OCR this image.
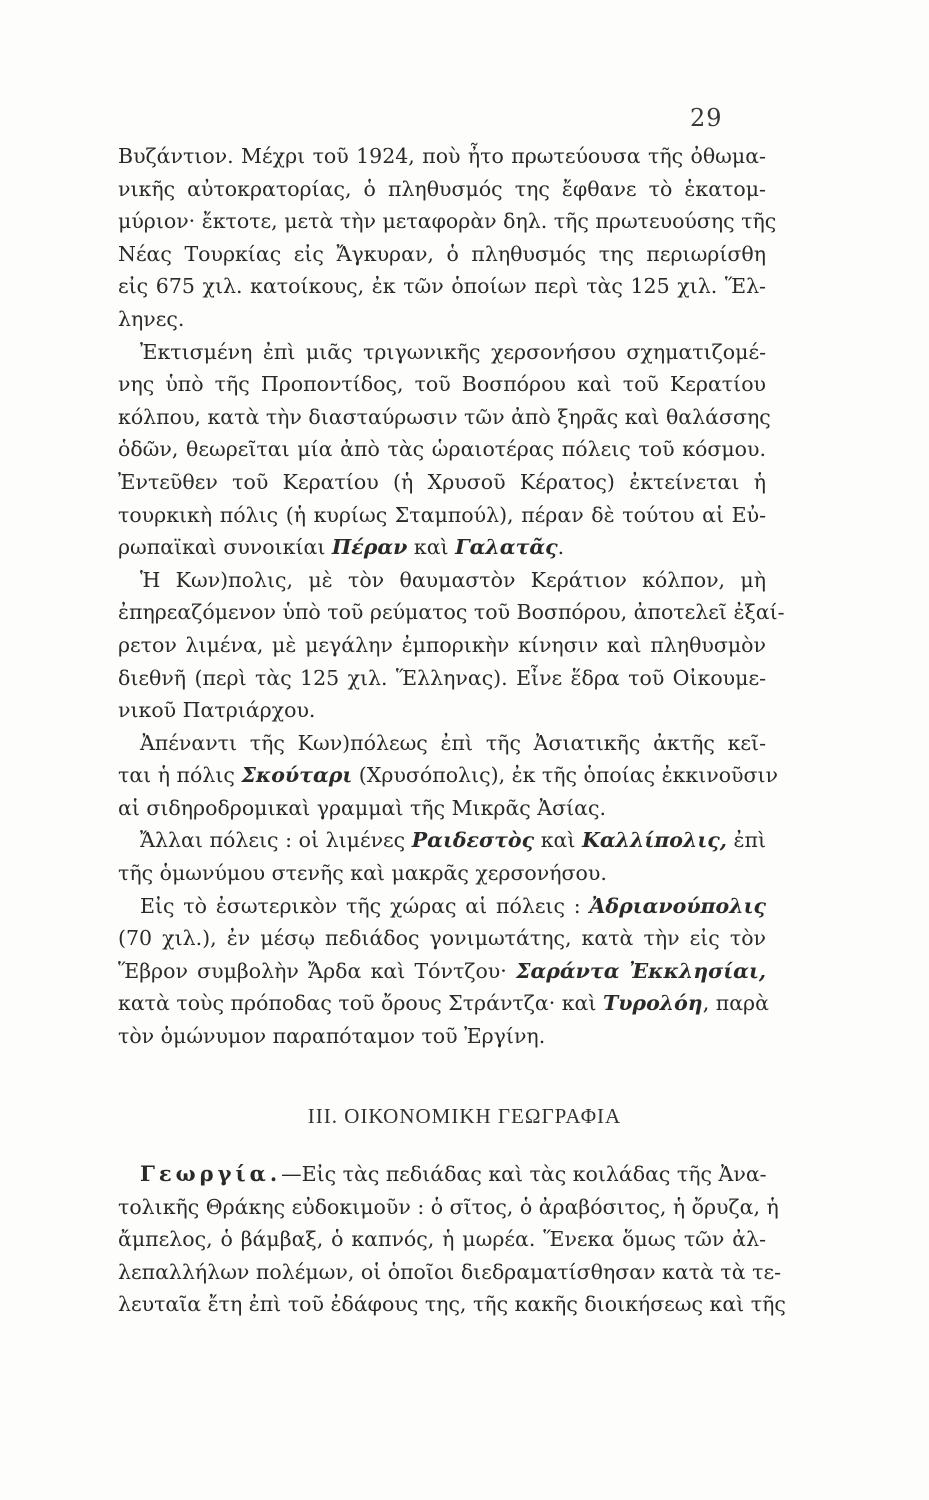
29
Βυζάντιον. Μέχρι τοῦ 1924, ποὺ ἦτο πρωτεύουσα τῆς ὀθωμα-
νικῆς αὐτοκρατορίας, ὁ πληθυσμός της ἔφθανε τὸ ἑκατομ-
μύριον· ἔκτοτε, μετὰ τὴν μεταφορὰν δηλ. τῆς πρωτευούσης τῆς
Νέας Τουρκίας εἰς Ἄγκυραν, ὁ πληθυσμός της περιωρίσθη
εἰς 675 χιλ. κατοίκους, ἐκ τῶν ὁποίων περὶ τὰς 125 χιλ. Ἕλ-
ληνες.
Ἐκτισμένη ἐπὶ μιᾶς τριγωνικῆς χερσονήσου σχηματιζομέ-
νης ὑπὸ τῆς Προποντίδος, τοῦ Βοσπόρου καὶ τοῦ Κερατίου
κόλπου, κατὰ τὴν διασταύρωσιν τῶν ἀπὸ ξηρᾶς καὶ θαλάσσης
ὁδῶν, θεωρεῖται μία ἀπὸ τὰς ὡραιοτέρας πόλεις τοῦ κόσμου.
Ἐντεῦθεν τοῦ Κερατίου (ἡ Χρυσοῦ Κέρατος) ἐκτείνεται ἡ
τουρκικὴ πόλις (ἡ κυρίως Σταμπούλ), πέραν δὲ τούτου αἱ Εὐ-
ρωπαϊκαὶ συνοικίαι Πέραν καὶ Γαλατᾶς.
Ἡ Κων)πολις, μὲ τὸν θαυμαστὸν Κεράτιον κόλπον, μὴ
ἐπηρεαζόμενον ὑπὸ τοῦ ρεύματος τοῦ Βοσπόρου, ἀποτελεῖ ἐξαί-
ρετον λιμένα, μὲ μεγάλην ἐμπορικὴν κίνησιν καὶ πληθυσμὸν
διεθνῆ (περὶ τὰς 125 χιλ. Ἕλληνας). Εἶνε ἕδρα τοῦ Οἰκουμε-
νικοῦ Πατριάρχου.
Ἀπέναντι τῆς Κων)πόλεως ἐπὶ τῆς Ἀσιατικῆς ἀκτῆς κεῖ-
ται ἡ πόλις Σκούταρι (Χρυσόπολις), ἐκ τῆς ὁποίας ἐκκινοῦσιν
αἱ σιδηροδρομικαὶ γραμμαὶ τῆς Μικρᾶς Ἀσίας.
Ἄλλαι πόλεις : οἱ λιμένες Ραιδεστὸς καὶ Καλλίπολις, ἐπὶ
τῆς ὁμωνύμου στενῆς καὶ μακρᾶς χερσονήσου.
Εἰς τὸ ἐσωτερικὸν τῆς χώρας αἱ πόλεις : Ἀδριανούπολις
(70 χιλ.), ἐν μέσῳ πεδιάδος γονιμωτάτης, κατὰ τὴν εἰς τὸν
Ἕβρον συμβολὴν Ἄρδα καὶ Τόντζου· Σαράντα Ἐκκλησίαι,
κατὰ τοὺς πρόποδας τοῦ ὄρους Στράντζα· καὶ Τυρολόη, παρὰ
τὸν ὁμώνυμον παραπόταμον τοῦ Ἐργίνη.
III. ΟΙΚΟΝΟΜΙΚΗ ΓΕΩΓΡΑΦΙΑ
Γεωργία.—Εἰς τὰς πεδιάδας καὶ τὰς κοιλάδας τῆς Ἀνα-
τολικῆς Θράκης εὐδοκιμοῦν : ὁ σῖτος, ὁ ἀραβόσιτος, ἡ ὄρυζα, ἡ
ἄμπελος, ὁ βάμβαξ, ὁ καπνός, ἡ μωρέα. Ἕνεκα ὅμως τῶν ἀλ-
λεπαλλήλων πολέμων, οἱ ὁποῖοι διεδραματίσθησαν κατὰ τὰ τε-
λευταῖα ἔτη ἐπὶ τοῦ ἐδάφους της, τῆς κακῆς διοικήσεως καὶ τῆς
